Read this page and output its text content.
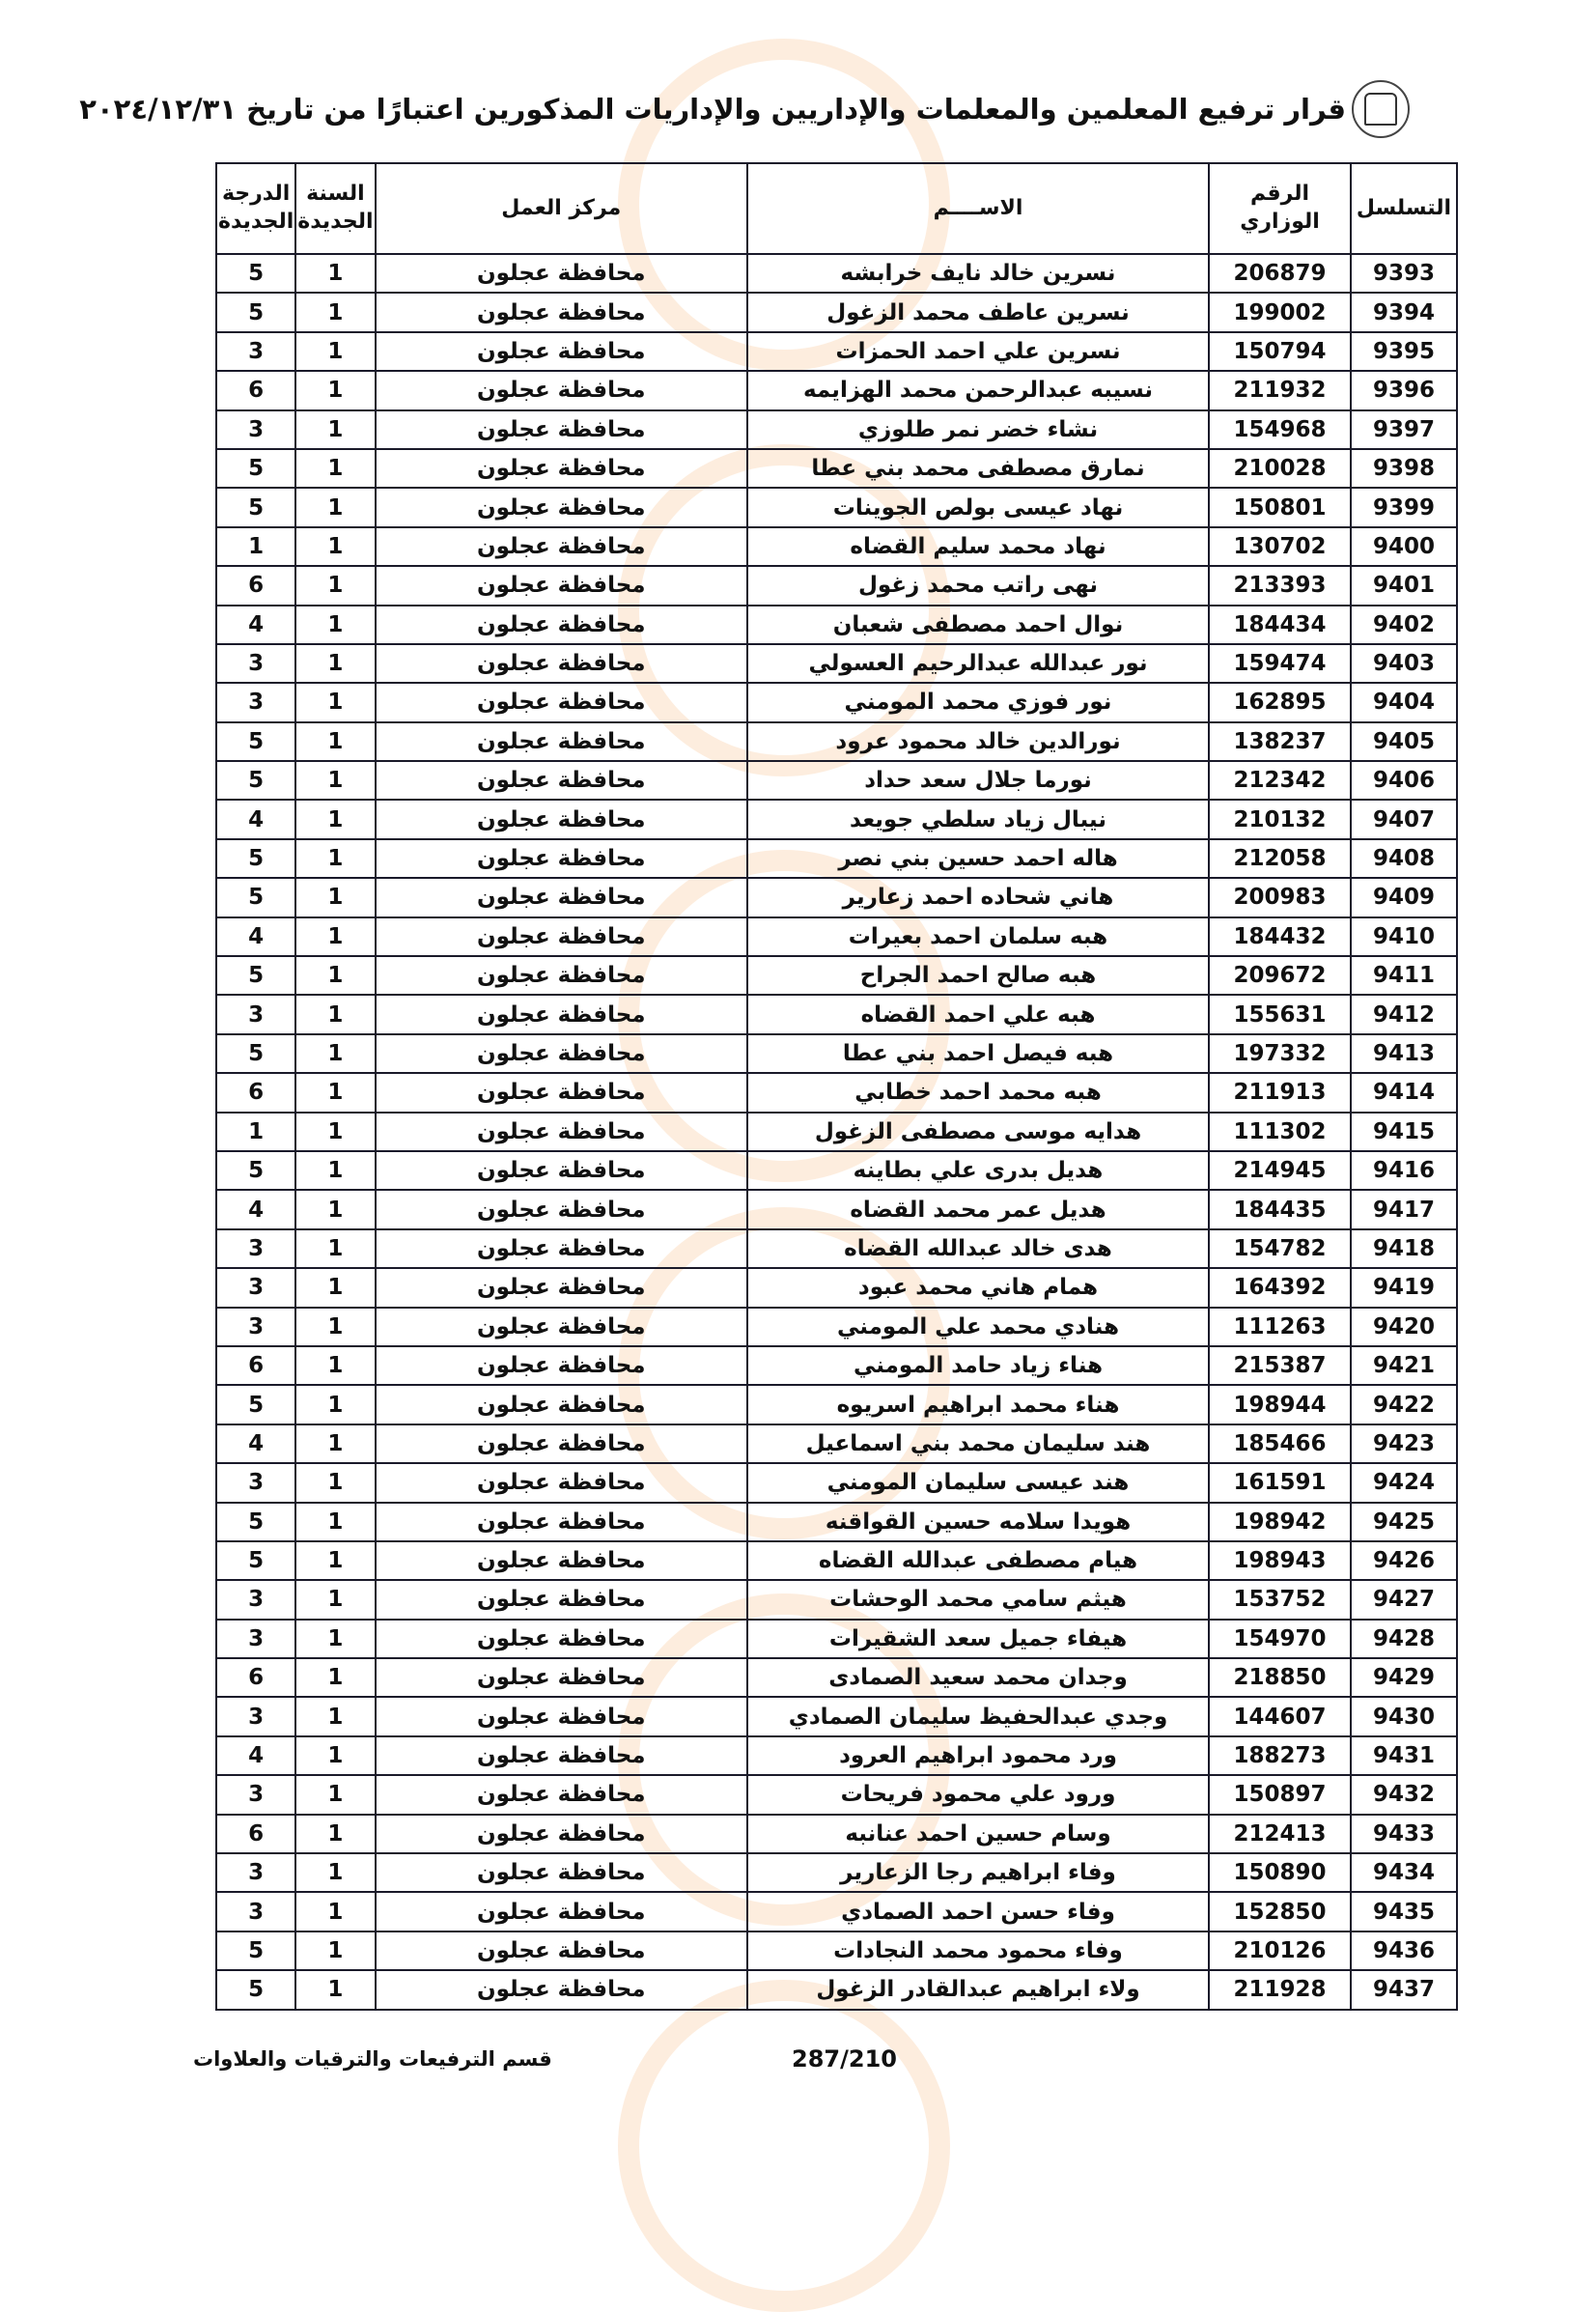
قرار ترفيع المعلمين والمعلمات والإداريين والإداريات المذكورين اعتبارًا من تاريخ ٢٠٢٤/١٢/٣١
التسلسل	الرقم الوزاري	الاســــم	مركز العمل	السنة الجديدة	الدرجة الجديدة
9393	206879	نسرين خالد نايف خرابشه	محافظة عجلون	1	5
9394	199002	نسرين عاطف محمد الزغول	محافظة عجلون	1	5
9395	150794	نسرين علي احمد الحمزات	محافظة عجلون	1	3
9396	211932	نسيبه عبدالرحمن محمد الهزايمه	محافظة عجلون	1	6
9397	154968	نشاء خضر نمر طلوزي	محافظة عجلون	1	3
9398	210028	نمارق مصطفى محمد بني عطا	محافظة عجلون	1	5
9399	150801	نهاد عيسى بولص الجوينات	محافظة عجلون	1	5
9400	130702	نهاد محمد سليم القضاه	محافظة عجلون	1	1
9401	213393	نهى راتب محمد زغول	محافظة عجلون	1	6
9402	184434	نوال احمد مصطفى شعبان	محافظة عجلون	1	4
9403	159474	نور عبدالله عبدالرحيم العسولي	محافظة عجلون	1	3
9404	162895	نور فوزي محمد المومني	محافظة عجلون	1	3
9405	138237	نورالدين خالد محمود عرود	محافظة عجلون	1	5
9406	212342	نورما جلال سعد حداد	محافظة عجلون	1	5
9407	210132	نيبال زياد سلطي جويعد	محافظة عجلون	1	4
9408	212058	هاله احمد حسين بني نصر	محافظة عجلون	1	5
9409	200983	هاني شحاده احمد زعارير	محافظة عجلون	1	5
9410	184432	هبه سلمان احمد بعيرات	محافظة عجلون	1	4
9411	209672	هبه صالح احمد الجراح	محافظة عجلون	1	5
9412	155631	هبه علي احمد القضاه	محافظة عجلون	1	3
9413	197332	هبه فيصل احمد بني عطا	محافظة عجلون	1	5
9414	211913	هبه محمد احمد خطابي	محافظة عجلون	1	6
9415	111302	هدايه موسى مصطفى الزغول	محافظة عجلون	1	1
9416	214945	هديل بدرى علي بطاينه	محافظة عجلون	1	5
9417	184435	هديل عمر محمد القضاه	محافظة عجلون	1	4
9418	154782	هدى خالد عبدالله القضاه	محافظة عجلون	1	3
9419	164392	همام هاني محمد عبود	محافظة عجلون	1	3
9420	111263	هنادي محمد علي المومني	محافظة عجلون	1	3
9421	215387	هناء زياد حامد المومني	محافظة عجلون	1	6
9422	198944	هناء محمد ابراهيم اسريوه	محافظة عجلون	1	5
9423	185466	هند سليمان محمد بني اسماعيل	محافظة عجلون	1	4
9424	161591	هند عيسى سليمان المومني	محافظة عجلون	1	3
9425	198942	هويدا سلامه حسين القواقنه	محافظة عجلون	1	5
9426	198943	هيام مصطفى عبدالله القضاه	محافظة عجلون	1	5
9427	153752	هيثم سامي محمد الوحشات	محافظة عجلون	1	3
9428	154970	هيفاء جميل سعد الشقيرات	محافظة عجلون	1	3
9429	218850	وجدان محمد سعيد الصمادى	محافظة عجلون	1	6
9430	144607	وجدي عبدالحفيظ سليمان الصمادي	محافظة عجلون	1	3
9431	188273	ورد محمود ابراهيم العرود	محافظة عجلون	1	4
9432	150897	ورود علي محمود فريحات	محافظة عجلون	1	3
9433	212413	وسام حسين احمد عنانبه	محافظة عجلون	1	6
9434	150890	وفاء ابراهيم رجا الزعارير	محافظة عجلون	1	3
9435	152850	وفاء حسن احمد الصمادي	محافظة عجلون	1	3
9436	210126	وفاء محمود محمد النجادات	محافظة عجلون	1	5
9437	211928	ولاء ابراهيم عبدالقادر الزغول	محافظة عجلون	1	5
287/210
قسم الترفيعات والترقيات والعلاوات
